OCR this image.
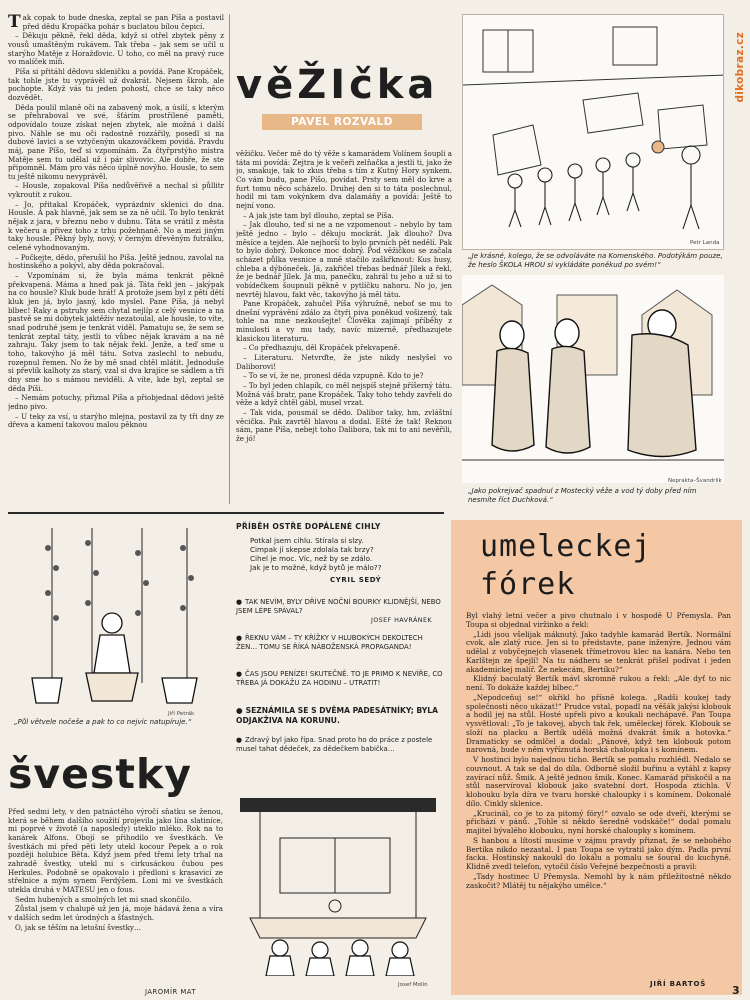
Tak copak to bude dneska, zeptal se pan Píša a postavil před dědu Kropáčka pohár s buclatou bílou čepicí.

– Děkuju pěkně, řekl děda, když si otřel zbytek pěny z vousů umaštěným rukávem. Tak třeba – jak sem se učil u starýho Matěje z Horažďovic. U toho, co měl na pravý ruce vo malíček míň.

Píša si přitáhl dědovu skleničku a povídá. Pane Kropáček, tak tohle jste tu vyprávěl už dvakrát. Nejsem škrob, ale pochopte. Když vás tu jeden pohostí, chce se taky něco dozvědět.

Děda poulil mlaně oči na zabavený mok, a úsilí, s kterým se přehraboval ve své, šťárím prostřílené paměti, odpovídalo touze získat nejen zbytek, ale možná i další pivo. Náhle se mu oči radostně rozzářily, posedl si na dubové lavici a se vztyčeným ukazováčkem povídá. Pravdu máj, pane Píšo, teď si vzpomínám. Za čtyřprstýho mistra Matěje sem tu udělal už i pár slivovic. Ale dobře, že ste připomněl. Mám pro vás něco úplně novýho. Housle, to sem tu ještě nikomu nevyprávěl.

– Housle, zopakoval Píša nedůvěřivě a nechal si půllitr vykroutit z rukou.

– Jo, přitakal Kropáček, vyprázdniv sklenici do dna. Housle. A pak hlavně, jak sem se za ně učil. To bylo tenkrát nějak z jara, v březnu nebo v dubnu. Táta se vrátil z města k večeru a přivez toho z trhu požehnaně. No a mezi jiným taky housle. Pěkný byly, nový, v černým dřevěným futrálku, celené vyhodnovaným.

– Počkejte, dědo, přerušil ho Píša. Ještě jednou, zavolal na hostinského a pokývl, aby děda pokračoval.

– Vzpomínám si, že byla máma tenkrát pěkně překvapená. Máma a hned pak já. Táta řekl jen – jakýpak na co housle? Kluk bude hrát! A protože jsem byl z pěti dětí kluk jen já, bylo jasný, kdo myslel. Pane Píša, já nebyl blbec! Raky a pstruhy sem chytal nejlíp z celý vesnice a na pastvě se mi dobytek jaktěživ nezatoulal, ale housle, to víte, snad podruhé jsem je tenkrát viděl. Pamatuju se, že sem se tenkrát zeptal táty, jestli to vůbec nějak kravám a na ně zahraju. Taky jsem to tak nějak řekl. Jenže, a teď sme u toho, takovýho já měl tátu. Sotva zaslechl to nebudu, rozepnul řemen. No že by mě snad chtěl mlátit. Jednoduše si převlík kalhoty za starý, vzal si dva krajíce se sádlem a tři dny sme ho s mámou neviděli. A víte, kde byl, zeptal se děda Píši.

– Nemám potuchy, přiznal Píša a přiobjednal dědovi ještě jedno pivo.

– U teky za vsí, u starýho mlejna, postavil za ty tři dny ze dřeva a kamení takovou malou pěknou

věŽIčka
PAVEL ROZVALD

věžičku. Večer mě do tý věže s kamarádem Volínem šoupli a táta mi povídá: Zejtra je k večeři zelňačka a jestli ti, jako že jo, smakuje, tak to zkus třeba s tím z Kutný Hory synkem. Co vám budu, pane Píšo, povídat. Prsty sem měl do krve a furt tomu něco scházelo. Druhej den si to táta poslechnul, hodil mi tam vokýnkem dva dalamáňy a povídá: Ještě to nejní vono.

– A jak jste tam byl dlouho, zeptal se Píša.

– Jak dlouho, teď si ne a ne vzpomenout – nebylo by tam ještě jedno – bylo – děkuju mockrát. Jak dlouho? Dva měsíce a tejden. Ale nejhorší to bylo prvních pět nedělí. Pak to bylo dobrý. Dokonce moc dobrý. Pod věžičkou se začala scházet půlka vesnice a mně stačilo zaškřknout: Kus husy, chleba a dýbóneček. Já, zakřičel třebas bednář Jílek a řekl, že je bednář Jílek. Já mu, panečku, zahrál tu jeho a už si to vobídečkem šoupnuli pěkně v pytlíčku nahoru. No jo, jen nevrtěj hlavou, fakt věc, takovýho já měl tátu.

Pane Kropáček, zahučel Píša výhružně, neboť se mu to dnešní vyprávění zdálo za čtyři piva poněkud vošizený, tak tohle na mne nezkoušejte! Člověka zajímají příběhy z minulosti a vy mu tady, navíc mizerně, předhazujete klasickou literaturu.

– Co předhazuju, děl Kropáček překvapeně.

– Literaturu. Netvrďte, že jste nikdy neslyšel vo Daliborovi!

– To se ví, že ne, pronesl děda vzpupně. Kdo to je?

– To byl jeden chlapík, co měl nejspíš stejně příšerný tátu. Možná váš bratr, pane Kropáček. Taky toho tehdy zavřeli do věže a když chtěl gábl, musel vrzat.

– Tak vida, pousmál se dědo. Dalibor taky, hm, zvláštní věcička. Pak zavrtěl hlavou a dodal. Ešté že tak! Reknou sám, pane Píša, nebejt toho Dalibora, tak mi to ani nevěřili, že jó!

dikobraz.cz
Petr Landa
„Je krásné, kolego, že se odvoláváte na Komenského. Podotýkám pouze, že heslo ŠKOLA HROU si vykládáte poněkud po svém!“
Neprakta–Švandrlík
„Jako pokrejvač spadnul z Mostecký věže a vod tý doby před ním nesmíte říct Duchková.“
Jiří Petrák
„Půl větvele nočeše a pak to co nejvíc natupíruje.“
švestky

Před sedmi lety, v den patnáctého výročí sňatku se ženou, která se během dalšího soužití projevila jako lína slatiníce, mi poprvé v životě (a naposledy) uteklo mléko. Rok na to kanárek Alfons. Obojí se přihodilo ve švestkách. Ve švestkách mi před pěti lety utekl kocour Pepek a o rok později holubice Běta. Když jsem před třemi lety trhal na zahradě švestky, utekl mi s cirkusáckou čubou pes Herkules. Podobně se opakovalo i předloni s krasavicí ze střelnice a mým synem Ferdýšem. Loni mi ve švestkách utekla druhá v MATESU jen o fous.

Sedm hubených a smolných let mi snad skončilo.

Zůstal jsem v chalupě už jen já, moje hádavá žena a víra v dalších sedm let úrodných a šťastných.

O, jak se těším na letošní švestky…

JAROMÍR MAT
PŘÍBĚH OSTŘE DOPÁLENÉ CIHLY
Potkal jsem cihlu. Stírala si slzy.
Cimpak jí skepse zdolala tak brzy?
Cihel je moc. Víc, než by se zdálo.
Jak je to možné, když bytů je málo??
CYRIL SEDÝ
● TAK NEVÍM, BYLY DŘÍVE NOČNÍ BOURKY KLIDNĚJŠÍ, NEBO JSEM LÉPE SPÁVAL?
JOSEF HAVRÁNEK
● ŘEKNU VÁM – TY KŘÍŽKY V HLUBOKÝCH DEKOLTECH ŽEN… TOMU SE ŘÍKÁ NÁBOŽENSKÁ PROPAGANDA!
● ČAS JSOU PENÍZE! SKUTEČNĚ. TO JE PRIMO K NEVÍŘE, CO TŘEBA JÁ DOKÁŽU ZA HODINU – UTRATIT!
● SEZNÁMILA SE S DVĚMA PADESÁTNÍKY; BYLA ODJAKŽIVA NA KORUNU.
● Zdravý byl jako řípa. Snad proto ho do práce z postele musel tahat dědeček, za dědečkem babička…
Josef Molín
umeleckej fórek

Byl vlahý letní večer a pivo chutnalo i v hospodě U Přemysla. Pan Toupa si objednal viržinko a řekl:

„Lidi jsou všelijak máknutý. Jako tadyhle kamarád Bertík. Normální cvok, ale zlatý ruce. Jen si to představte, pane inženýre. Jednou vám udělal z vobyčejnejch vlasenek třímetrovou klec na kanára. Nebo ten Karlštejn ze špejlí! Na tu nádheru se tenkrát přišel podívat i jeden akademickej malíř. Že nekecám, Bertíku?“

Klidný baculatý Bertík mávl skromně rukou a řekl: „Ale dyť to nic není. To dokáže každej blbec.“

„Nepodceňuj se!“ okřikl ho přísně kolega. „Radši koukej tady společnosti něco ukázat!“ Prudce vstal, popadl na věšák jakýsi klobouk a hodil jej na stůl. Hosté upřeli pivo a koukali nechápavě. Pan Toupa vysvětloval: „To je takovej, abych tak řek, uměleckej fórek. Klobouk se složí na placku a Bertík udělá možná dvakrát šmik a hotovka.“ Dramaticky se odmlčel a dodal: „Pánové, když ten klobouk potom narovná, bude v něm vyříznutá horská chaloupka i s komínem.

V hostinci bylo najednou ticho. Bertík se pomalu rozhlédl. Nedalo se couvnout. A tak se dal do díla. Odborně složil buřinu a vytáhl z kapsy zavírací nůž. Šmik. A ještě jednou šmik. Konec. Kamarád přiskočil a na stůl naservíroval klobouk jako svatební dort. Hospoda ztichla. V klobouku byla díra ve tvaru horské chaloupky i s komínem. Dokonalé dílo. Cinkly sklenice.

„Krucinál, co je to za pitomý fóry!“ ozvalo se ode dveří, kterými se přichází v pánů. „Tohle si někdo šeredně vodskáče!“ dodal pomalu majitel bývalého klobouku, nyní horské chaloupky s komínem.

S hanbou a lítostí musíme v zájmu pravdy přiznat, že se nebohého Bertíka nikdo nezastal. I pan Toupa se vytratil jako dým. Padla první facka. Hostinský nakoukl do lokálu a pomalu se šoural do kuchyně. Klidně zvedl telefon, vytočil číslo Veřejné bezpečnosti a pravil:

„Tady hostinec U Přemysla. Nemohl by k nám přiležitostně někdo zaskočit? Mlátěj tu nějakýho umělce.“

JIŘÍ BARTOŠ 3
